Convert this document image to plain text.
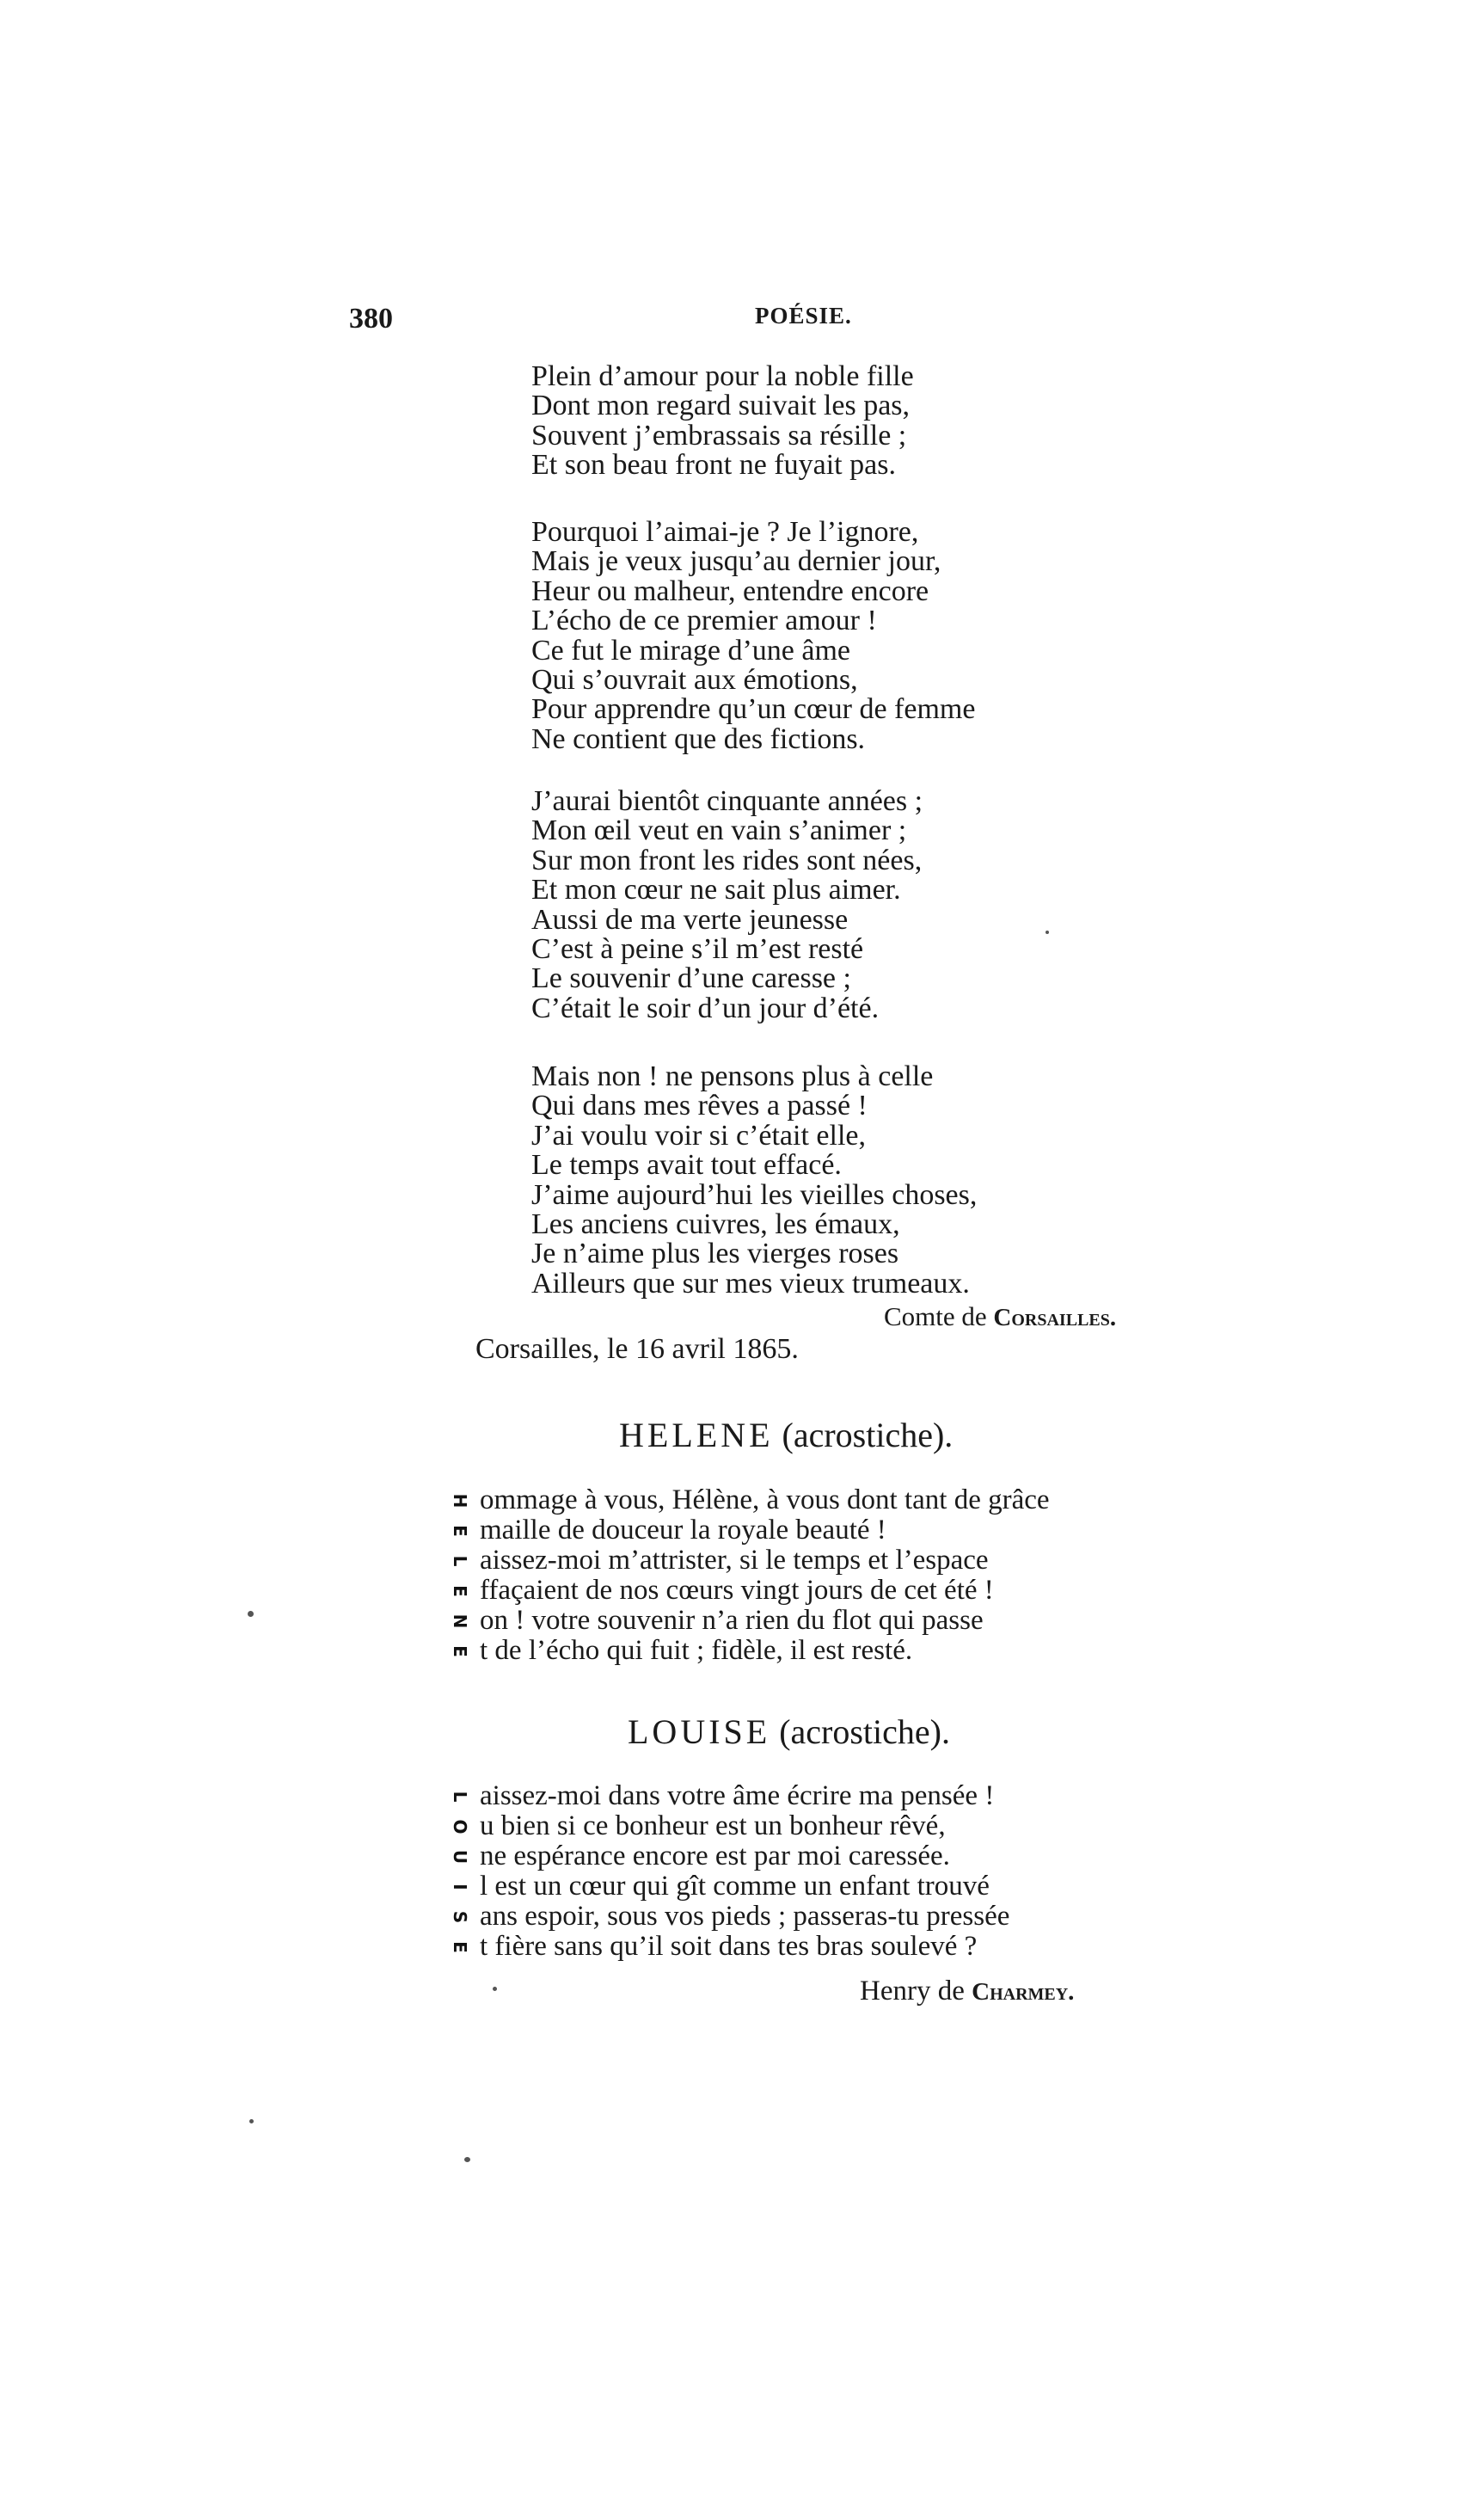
380	POÉSIE.
Plein d’amour pour la noble fille
Dont mon regard suivait les pas,
Souvent j’embrassais sa résille ;
Et son beau front ne fuyait pas.
Pourquoi l’aimai-je ? Je l’ignore,
Mais je veux jusqu’au dernier jour,
Heur ou malheur, entendre encore
L’écho de ce premier amour !
Ce fut le mirage d’une âme
Qui s’ouvrait aux émotions,
Pour apprendre qu’un cœur de femme
Ne contient que des fictions.
J’aurai bientôt cinquante années ;
Mon œil veut en vain s’animer ;
Sur mon front les rides sont nées,
Et mon cœur ne sait plus aimer.
Aussi de ma verte jeunesse
C’est à peine s’il m’est resté
Le souvenir d’une caresse ;
C’était le soir d’un jour d’été.
Mais non ! ne pensons plus à celle
Qui dans mes rêves a passé !
J’ai voulu voir si c’était elle,
Le temps avait tout effacé.
J’aime aujourd’hui les vieilles choses,
Les anciens cuivres, les émaux,
Je n’aime plus les vierges roses
Ailleurs que sur mes vieux trumeaux.
Comte de Corsailles.
Corsailles, le 16 avril 1865.
HELENE (acrostiche).
H ommage à vous, Hélène, à vous dont tant de grâce
E maille de douceur la royale beauté !
L aissez-moi m’attrister, si le temps et l’espace
E ffaçaient de nos cœurs vingt jours de cet été !
N on ! votre souvenir n’a rien du flot qui passe
E t de l’écho qui fuit ; fidèle, il est resté.
LOUISE (acrostiche).
L aissez-moi dans votre âme écrire ma pensée !
O u bien si ce bonheur est un bonheur rêvé,
U ne espérance encore est par moi caressée.
I l est un cœur qui gît comme un enfant trouvé
S ans espoir, sous vos pieds ; passeras-tu pressée
E t fière sans qu’il soit dans tes bras soulevé ?
Henry de Charmey.
